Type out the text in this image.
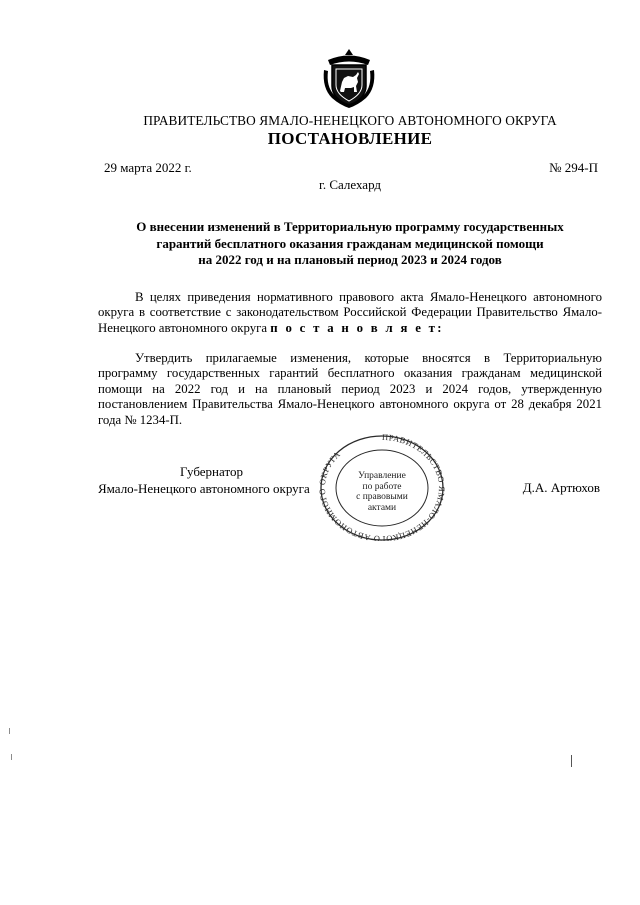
ПРАВИТЕЛЬСТВО ЯМАЛО-НЕНЕЦКОГО АВТОНОМНОГО ОКРУГА
ПОСТАНОВЛЕНИЕ
29 марта 2022 г.	№ 294-П
г. Салехард
О внесении изменений в Территориальную программу государственных
гарантий бесплатного оказания гражданам медицинской помощи
на 2022 год и на плановый период 2023 и 2024 годов
В целях приведения нормативного правового акта Ямало-Ненецкого автономного округа в соответствие с законодательством Российской Федерации Правительство Ямало-Ненецкого автономного округа п о с т а н о в л я е т:
Утвердить прилагаемые изменения, которые вносятся в Территориальную программу государственных гарантий бесплатного оказания гражданам медицинской помощи на 2022 год и на плановый период 2023 и 2024 годов, утвержденную постановлением Правительства Ямало-Ненецкого автономного округа от 28 декабря 2021 года № 1234-П.
Губернатор
Ямало-Ненецкого автономного округа	Д.А. Артюхов
ПРАВИТЕЛЬСТВО ЯМАЛО-НЕНЕЦКОГО АВТОНОМНОГ ОКРУГА
Управление
по работе
с правовыми
актами
